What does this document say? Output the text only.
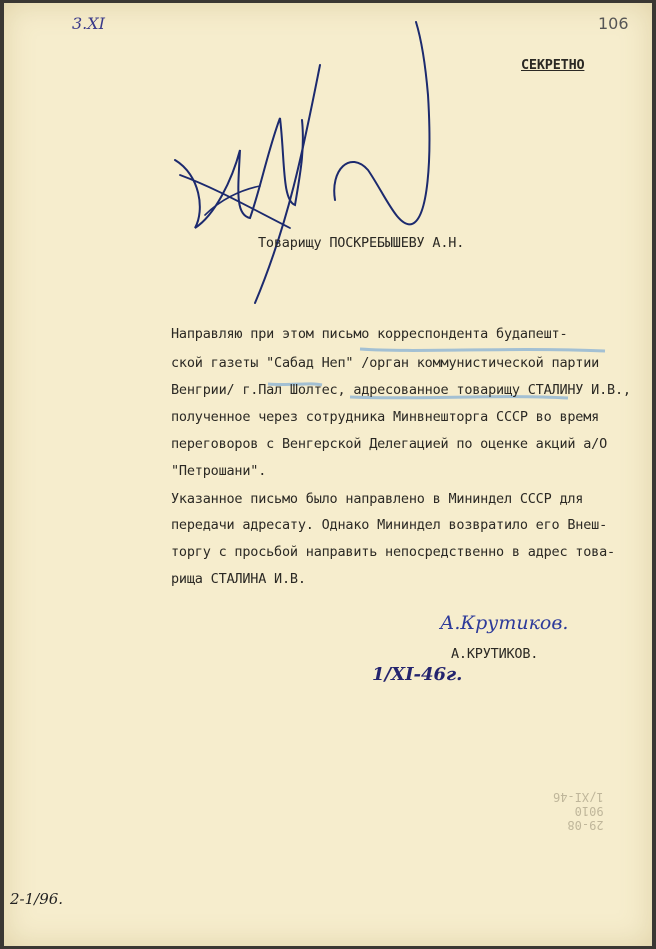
106
3.XI
СЕКРЕТНО
Товарищу ПОСКРЕБЫШЕВУ А.Н.
Направляю при этом письмо корреспондента будапешт-
ской газеты "Сабад Неп" /орган коммунистической партии
Венгрии/ г.Пал Шолтес, адресованное товарищу СТАЛИНУ И.В.,
полученное через сотрудника Минвнешторга СССР во время
переговоров с Венгерской Делегацией по оценке акций а/О
"Петрошани".
Указанное письмо было направлено в Mининдел СССР для
передачи адресату. Однако Мининдел возвратило его Внеш-
торгу с просьбой направить непосредственно в адрес това-
рища СТАЛИНА И.В.
А.Крутиков.
А.КРУТИКОВ.
1/XI-46г.
29-08
9010
1/XI-46
2-1/96.
